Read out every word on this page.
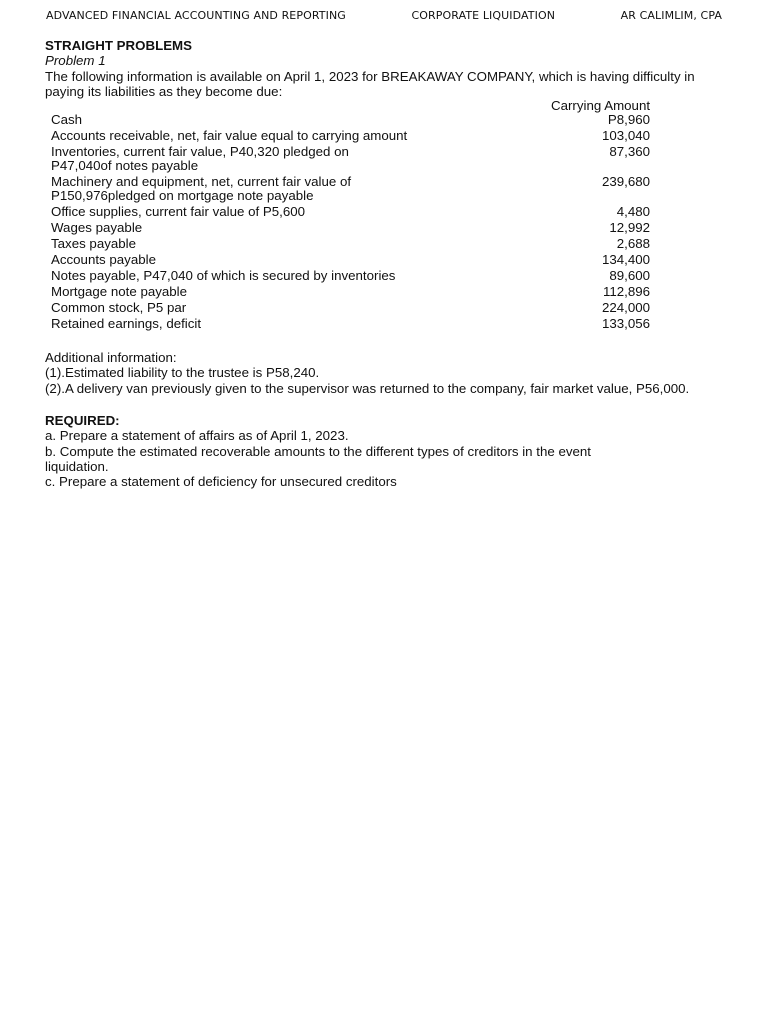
ADVANCED FINANCIAL ACCOUNTING AND REPORTING	CORPORATE LIQUIDATION	AR CALIMLIM, CPA
STRAIGHT PROBLEMS
Problem 1

The following information is available on April 1, 2023 for BREAKAWAY COMPANY, which is having difficulty in paying its liabilities as they become due:

		Carrying Amount
Cash		P8,960
Accounts receivable, net, fair value equal to carrying amount		103,040
Inventories, current fair value, P40,320 pledged on P47,040of notes payable		87,360
Machinery and equipment, net, current fair value of P150,976pledged on mortgage note payable		239,680
Office supplies, current fair value of P5,600		4,480
Wages payable		12,992
Taxes payable		2,688
Accounts payable		134,400
Notes payable, P47,040 of which is secured by inventories		89,600
Mortgage note payable		112,896
Common stock, P5 par		224,000
Retained earnings, deficit		133,056
Additional information:
(1).Estimated liability to the trustee is P58,240.
(2).A delivery van previously given to the supervisor was returned to the company, fair market value, P56,000.
REQUIRED:
a. Prepare a statement of affairs as of April 1, 2023.
b. Compute the estimated recoverable amounts to the different types of creditors in the event liquidation.
c. Prepare a statement of deficiency for unsecured creditors
